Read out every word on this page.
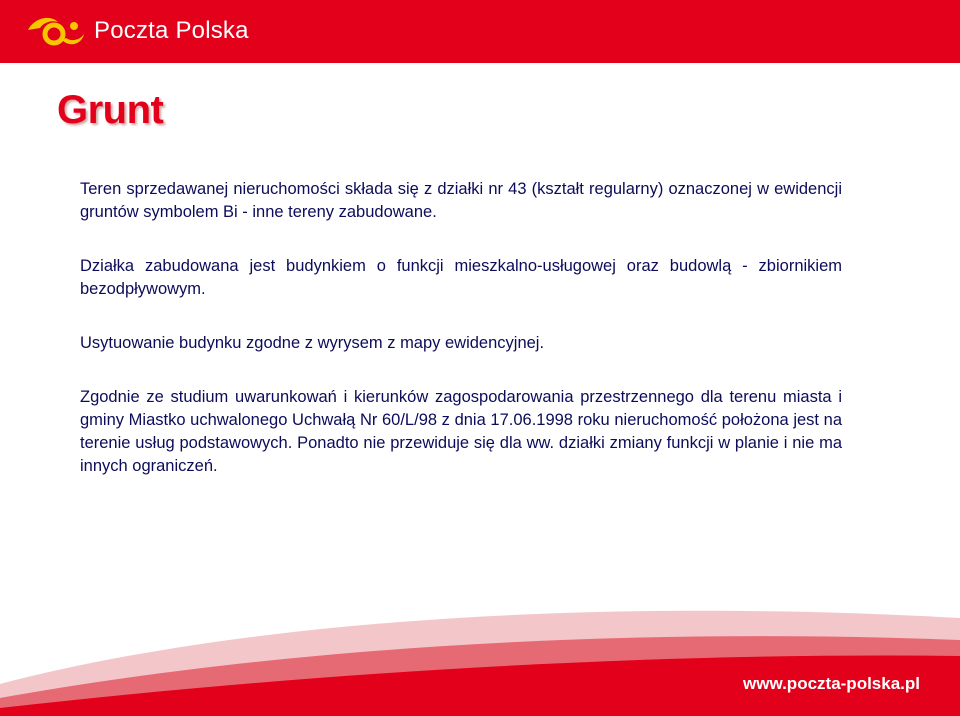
Poczta Polska
Grunt

Teren sprzedawanej nieruchomości składa się z działki nr 43 (kształt regularny) oznaczonej w ewidencji gruntów symbolem Bi - inne tereny zabudowane.

Działka zabudowana jest budynkiem o funkcji mieszkalno-usługowej oraz budowlą - zbiornikiem bezodpływowym.

Usytuowanie budynku zgodne z wyrysem z mapy ewidencyjnej.

Zgodnie ze studium uwarunkowań i kierunków zagospodarowania przestrzennego dla terenu miasta i gminy Miastko uchwalonego Uchwałą Nr 60/L/98 z dnia 17.06.1998 roku nieruchomość położona jest na terenie usług podstawowych. Ponadto nie przewiduje się dla ww. działki zmiany funkcji w planie i nie ma innych ograniczeń.

www.poczta-polska.pl
